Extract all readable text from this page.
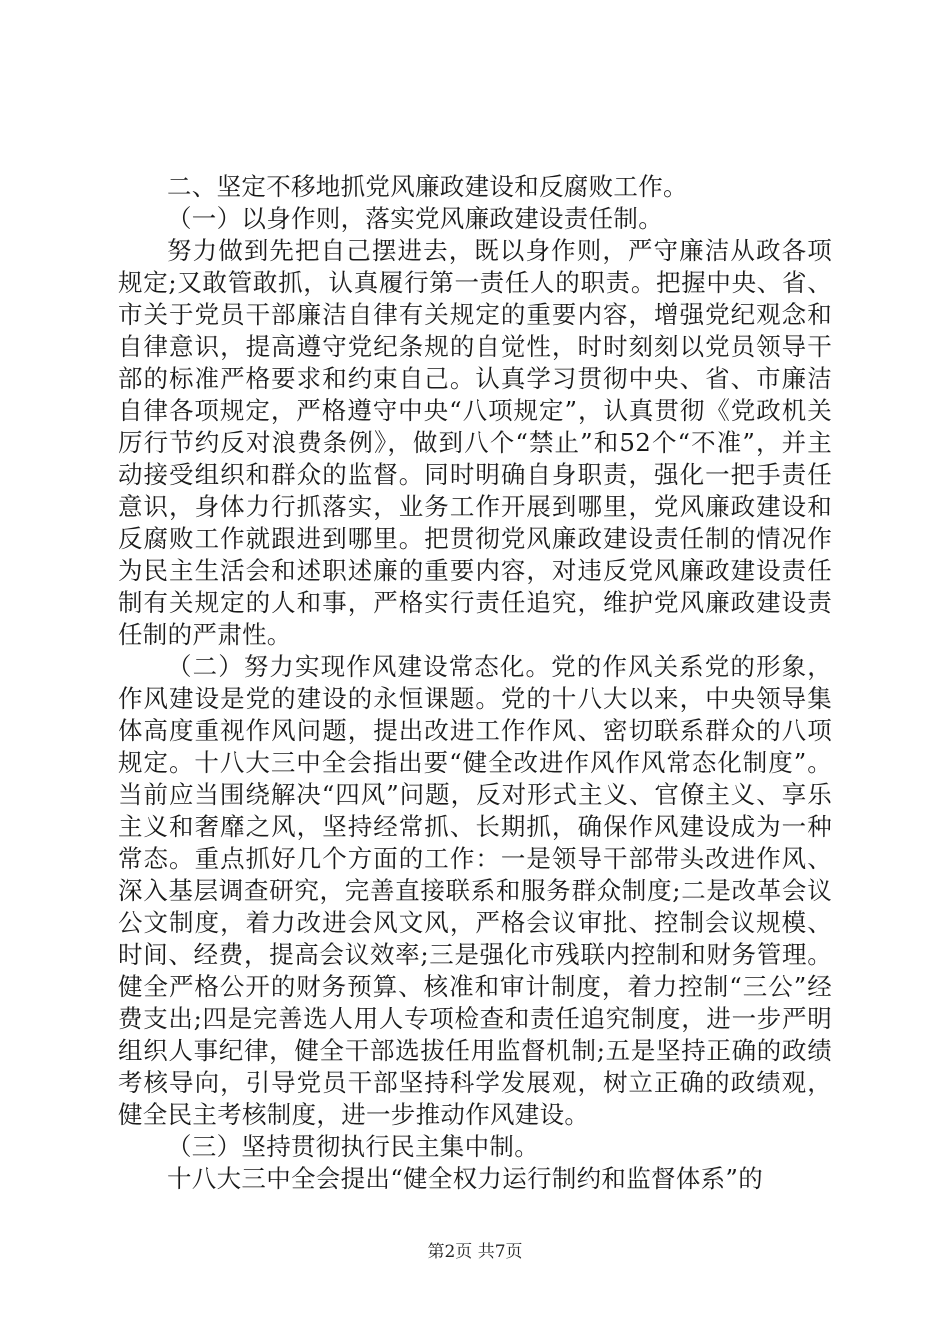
二、坚定不移地抓党风廉政建设和反腐败工作。

（一）以身作则，落实党风廉政建设责任制。

努力做到先把自己摆进去，既以身作则，严守廉洁从政各项规定;又敢管敢抓，认真履行第一责任人的职责。把握中央、省、市关于党员干部廉洁自律有关规定的重要内容，增强党纪观念和自律意识，提高遵守党纪条规的自觉性，时时刻刻以党员领导干部的标准严格要求和约束自己。认真学习贯彻中央、省、市廉洁自律各项规定，严格遵守中央“八项规定”，认真贯彻《党政机关厉行节约反对浪费条例》，做到八个“禁止”和52个“不准”，并主动接受组织和群众的监督。同时明确自身职责，强化一把手责任意识，身体力行抓落实，业务工作开展到哪里，党风廉政建设和反腐败工作就跟进到哪里。把贯彻党风廉政建设责任制的情况作为民主生活会和述职述廉的重要内容，对违反党风廉政建设责任制有关规定的人和事，严格实行责任追究，维护党风廉政建设责任制的严肃性。

（二）努力实现作风建设常态化。党的作风关系党的形象，作风建设是党的建设的永恒课题。党的十八大以来，中央领导集体高度重视作风问题，提出改进工作作风、密切联系群众的八项规定。十八大三中全会指出要“健全改进作风作风常态化制度”。当前应当围绕解决“四风”问题，反对形式主义、官僚主义、享乐主义和奢靡之风，坚持经常抓、长期抓，确保作风建设成为一种常态。重点抓好几个方面的工作：一是领导干部带头改进作风、深入基层调查研究，完善直接联系和服务群众制度;二是改革会议公文制度，着力改进会风文风，严格会议审批、控制会议规模、时间、经费，提高会议效率;三是强化市残联内控制和财务管理。健全严格公开的财务预算、核准和审计制度，着力控制“三公”经费支出;四是完善选人用人专项检查和责任追究制度，进一步严明组织人事纪律，健全干部选拔任用监督机制;五是坚持正确的政绩考核导向，引导党员干部坚持科学发展观，树立正确的政绩观，健全民主考核制度，进一步推动作风建设。

（三）坚持贯彻执行民主集中制。

十八大三中全会提出“健全权力运行制约和监督体系”的

第2页 共7页
